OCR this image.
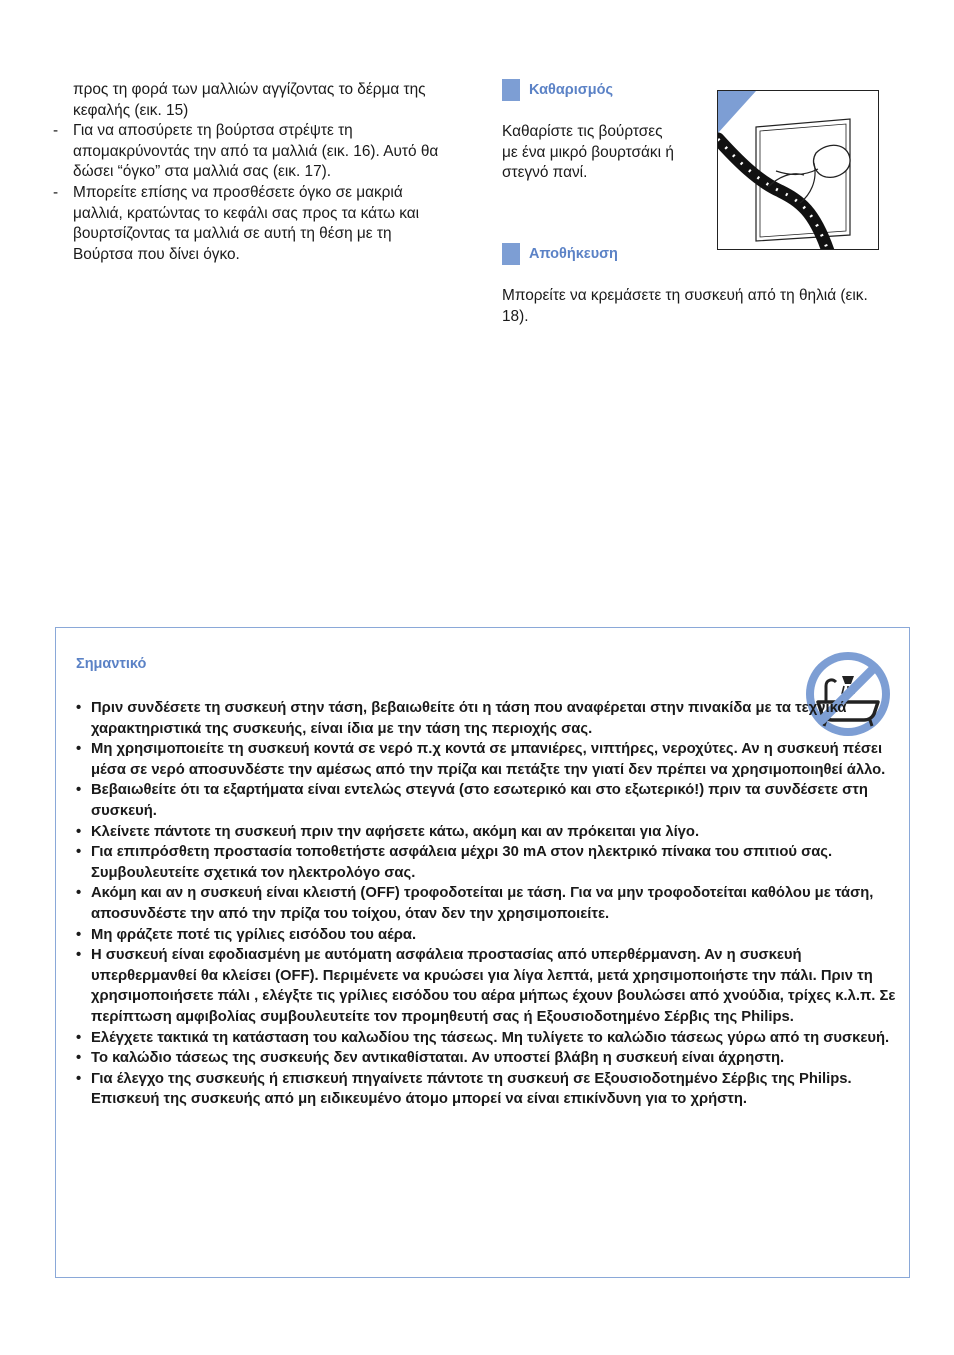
προς τη φορά των μαλλιών αγγίζοντας το δέρμα της κεφαλής (εικ. 15)

- Για να αποσύρετε τη βούρτσα στρέψτε τη απομακρύνοντάς την από τα μαλλιά (εικ. 16). Αυτό θα δώσει “όγκο” στα μαλλιά σας (εικ. 17).
- Μπορείτε επίσης να προσθέσετε όγκο σε μακριά μαλλιά, κρατώντας το κεφάλι σας προς τα κάτω και βουρτσίζοντας τα μαλλιά σε αυτή τη θέση με τη Βούρτσα που δίνει όγκο.
Καθαρισμός

Καθαρίστε τις βούρτσες με ένα μικρό βουρτσάκι ή στεγνό πανί.

Αποθήκευση

Μπορείτε να κρεμάσετε τη συσκευή από τη θηλιά (εικ. 18).

Σημαντικό
• Πριν συνδέσετε τη συσκευή στην τάση, βεβαιωθείτε ότι η τάση που αναφέρεται στην πινακίδα με τα τεχνικά χαρακτηριστικά της συσκευής, είναι ίδια με την τάση της περιοχής σας.
• Μη χρησιμοποιείτε τη συσκευή κοντά σε νερό π.χ κοντά σε μπανιέρες, νιπτήρες, νεροχύτες. Αν η συσκευή πέσει μέσα σε νερό αποσυνδέστε την αμέσως από την πρίζα και πετάξτε την γιατί δεν πρέπει να χρησιμοποιηθεί άλλο.
• Βεβαιωθείτε ότι τα εξαρτήματα είναι εντελώς στεγνά (στο εσωτερικό και στο εξωτερικό!) πριν τα συνδέσετε στη συσκευή.
• Κλείνετε πάντοτε τη συσκευή πριν την αφήσετε κάτω, ακόμη και αν πρόκειται για λίγο.
• Για επιπρόσθετη προστασία τοποθετήστε ασφάλεια μέχρι 30 mA στον ηλεκτρικό πίνακα του σπιτιού σας. Συμβουλευτείτε σχετικά τον ηλεκτρολόγο σας.
• Ακόμη και αν η συσκευή είναι κλειστή (OFF) τροφοδοτείται με τάση. Για να μην τροφοδοτείται καθόλου με τάση, αποσυνδέστε την από την πρίζα του τοίχου, όταν δεν την χρησιμοποιείτε.
• Μη φράζετε ποτέ τις γρίλιες εισόδου του αέρα.
• Η συσκευή είναι εφοδιασμένη με αυτόματη ασφάλεια προστασίας από υπερθέρμανση. Αν η συσκευή υπερθερμανθεί θα κλείσει (OFF). Περιμένετε να κρυώσει για λίγα λεπτά, μετά χρησιμοποιήστε την πάλι. Πριν τη χρησιμοποιήσετε πάλι , ελέγξτε τις γρίλιες εισόδου του αέρα μήπως έχουν βουλώσει από χνούδια, τρίχες κ.λ.π. Σε περίπτωση αμφιβολίας συμβουλευτείτε τον προμηθευτή σας ή Εξουσιοδοτημένο Σέρβις της Philips.
• Ελέγχετε τακτικά τη κατάσταση του καλωδίου της τάσεως. Μη τυλίγετε το καλώδιο τάσεως γύρω από τη συσκευή.
• Το καλώδιο τάσεως της συσκευής δεν αντικαθίσταται. Αν υποστεί βλάβη η συσκευή είναι άχρηστη.
• Για έλεγχο της συσκευής ή επισκευή πηγαίνετε πάντοτε τη συσκευή σε Εξουσιοδοτημένο Σέρβις της Philips. Επισκευή της συσκευής από μη ειδικευμένο άτομο μπορεί να είναι επικίνδυνη για το χρήστη.
